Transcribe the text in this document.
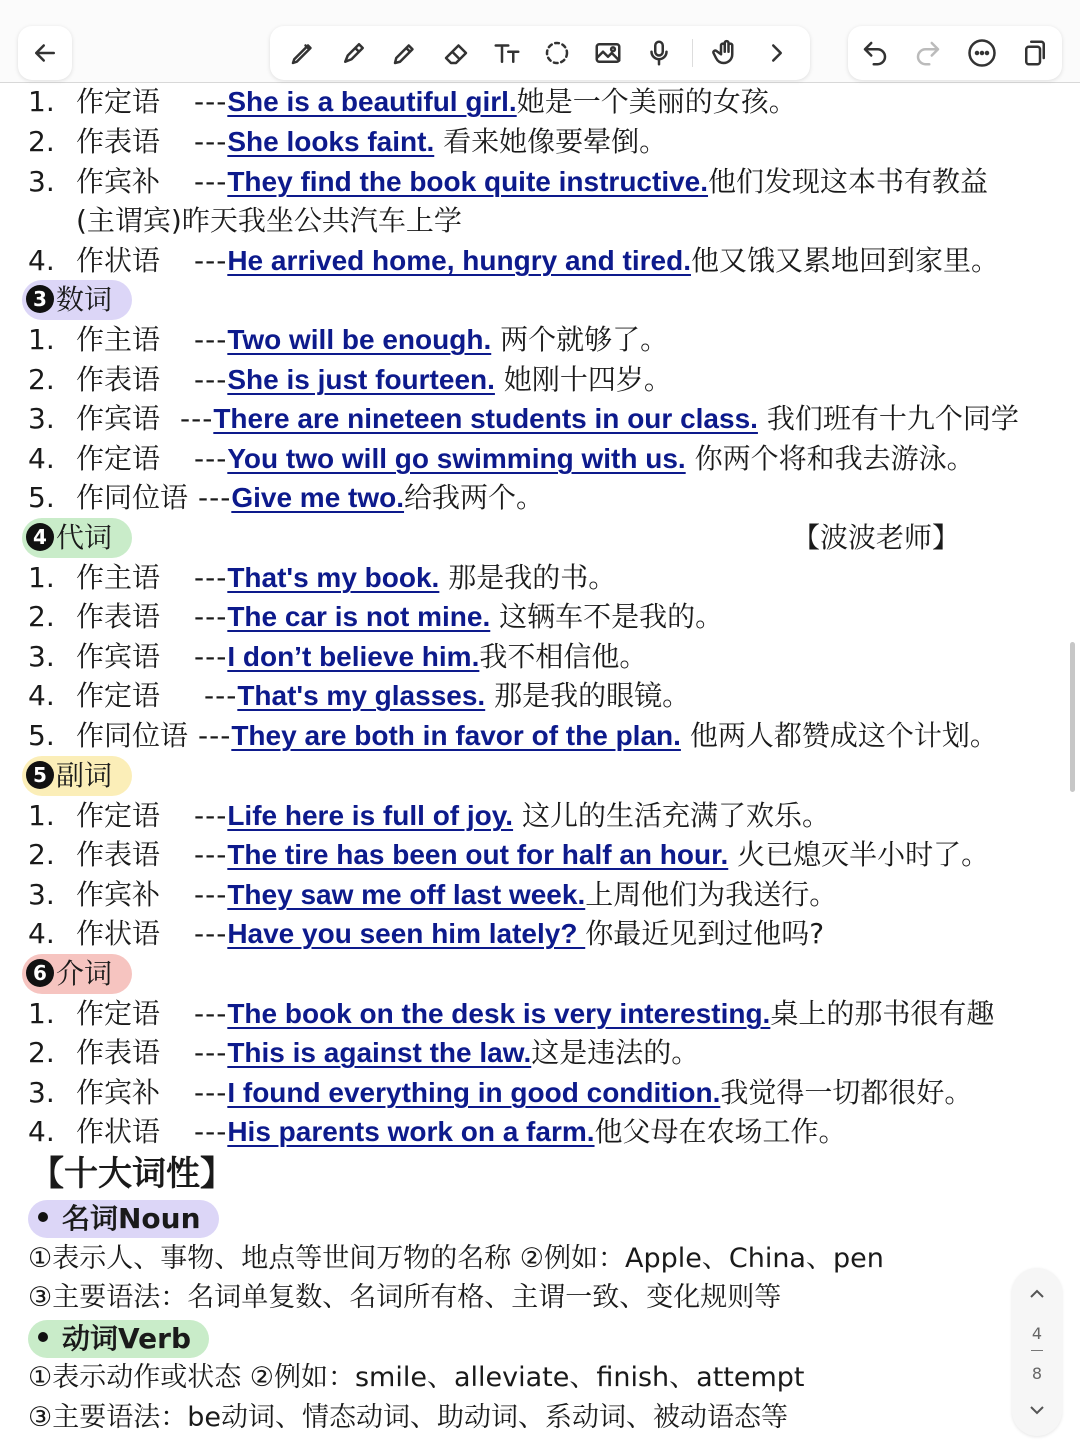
1. 作定语 ---She is a beautiful girl.她是一个美丽的女孩。
2. 作表语 ---She looks faint. 看来她像要晕倒。
3. 作宾补 ---They find the book quite instructive.他们发现这本书有教益
(主谓宾)昨天我坐公共汽车上学
4. 作状语 ---He arrived home, hungry and tired.他又饿又累地回到家里。
3 数词
1. 作主语 ---Two will be enough. 两个就够了。
2. 作表语 ---She is just fourteen. 她刚十四岁。
3. 作宾语 ---There are nineteen students in our class. 我们班有十九个同学
4. 作定语 ---You two will go swimming with us. 你两个将和我去游泳。
5. 作同位语 ---Give me two.给我两个。
4 代词	【波波老师】
1. 作主语 ---That's my book. 那是我的书。
2. 作表语 ---The car is not mine. 这辆车不是我的。
3. 作宾语 ---I don’t believe him.我不相信他。
4. 作定语 ---That's my glasses. 那是我的眼镜。
5. 作同位语 ---They are both in favor of the plan. 他两人都赞成这个计划。
5 副词
1. 作定语 ---Life here is full of joy. 这儿的生活充满了欢乐。
2. 作表语 ---The tire has been out for half an hour. 火已熄灭半小时了。
3. 作宾补 ---They saw me off last week.上周他们为我送行。
4. 作状语 ---Have you seen him lately? 你最近见到过他吗?
6 介词
1. 作定语 ---The book on the desk is very interesting.桌上的那书很有趣
2. 作表语 ---This is against the law.这是违法的。
3. 作宾补 ---I found everything in good condition.我觉得一切都很好。
4. 作状语 ---His parents work on a farm.他父母在农场工作。
【十大词性】
名词Noun
①表示人、事物、地点等世间万物的名称 ②例如：Apple、China、pen
③主要语法：名词单复数、名词所有格、主谓一致、变化规则等
动词Verb
①表示动作或状态 ②例如：smile、alleviate、finish、attempt
③主要语法：be动词、情态动词、助动词、系动词、被动语态等
4
8
